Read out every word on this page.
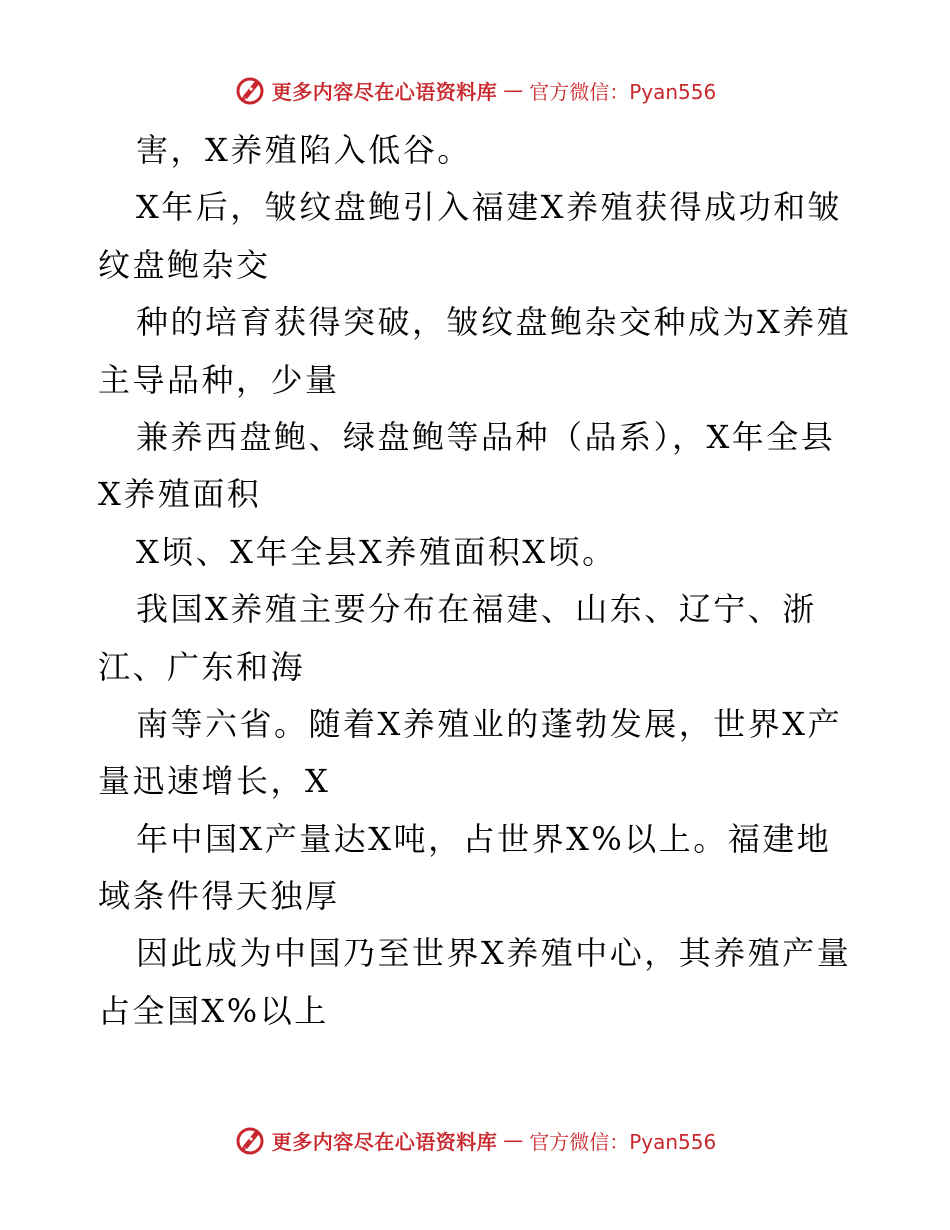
更多内容尽在心语资料库 — 官方微信：Pyan556
害，X养殖陷入低谷。
X年后，皱纹盘鲍引入福建X养殖获得成功和皱
纹盘鲍杂交
种的培育获得突破，皱纹盘鲍杂交种成为X养殖
主导品种，少量
兼养西盘鲍、绿盘鲍等品种（品系），X年全县
X养殖面积
X顷、X年全县X养殖面积X顷。
我国X养殖主要分布在福建、山东、辽宁、浙
江、广东和海
南等六省。随着X养殖业的蓬勃发展，世界X产
量迅速增长，X
年中国X产量达X吨，占世界X%以上。福建地
域条件得天独厚
因此成为中国乃至世界X养殖中心，其养殖产量
占全国X%以上
更多内容尽在心语资料库 — 官方微信：Pyan556
